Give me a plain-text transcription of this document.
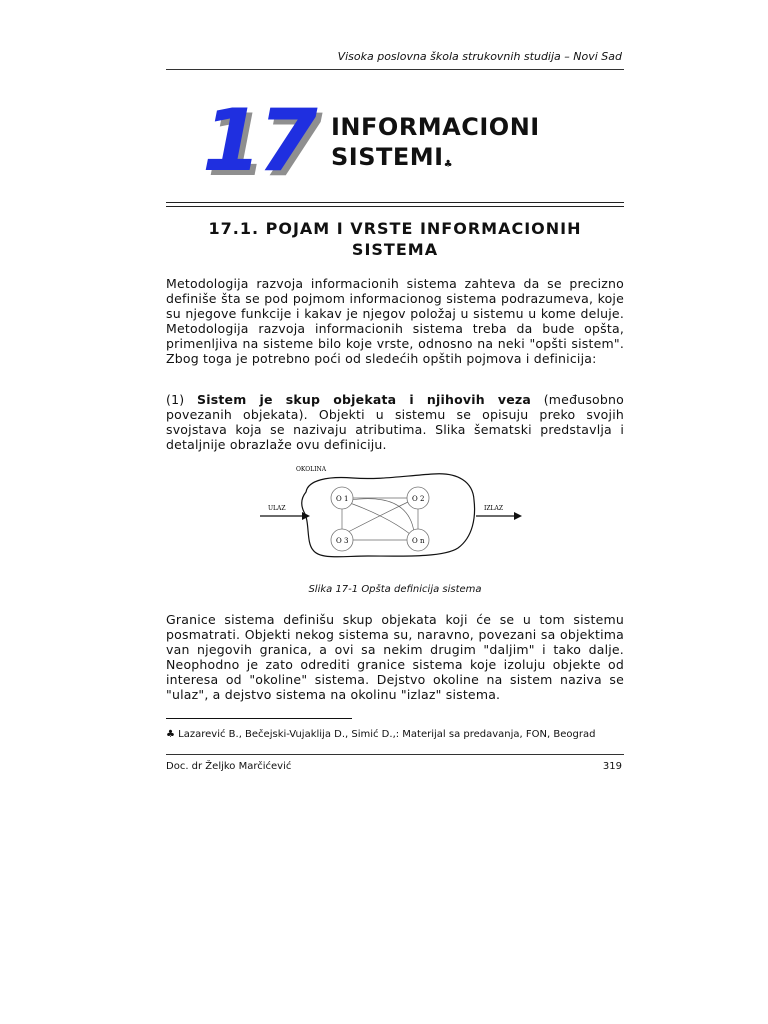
Visoka poslovna škola strukovnih studija – Novi Sad
17 INFORMACIONI
SISTEMI♣
17.1. POJAM I VRSTE INFORMACIONIH SISTEMA
Metodologija razvoja informacionih sistema zahteva da se precizno definiše šta se pod pojmom informacionog sistema podrazumeva, koje su njegove funkcije i kakav je njegov položaj u sistemu u kome deluje. Metodologija razvoja informacionih sistema treba da bude opšta, primenljiva na sisteme bilo koje vrste, odnosno na neki "opšti sistem". Zbog toga je potrebno poći od sledećih opštih pojmova i definicija:
(1) Sistem je skup objekata i njihovih veza (međusobno povezanih objekata). Objekti u sistemu se opisuju preko svojih svojstava koja se nazivaju atributima. Slika šematski predstavlja i detaljnije obrazlaže ovu definiciju.
OKOLINA
O 1	O 2
O 3	O n
ULAZ	IZLAZ
Slika 17-1 Opšta definicija sistema
Granice sistema definišu skup objekata koji će se u tom sistemu posmatrati. Objekti nekog sistema su, naravno, povezani sa objektima van njegovih granica, a ovi sa nekim drugim "daljim" i tako dalje. Neophodno je zato odrediti granice sistema koje izoluju objekte od interesa od "okoline" sistema. Dejstvo okoline na sistem naziva se "ulaz", a dejstvo sistema na okolinu "izlaz" sistema.
♣ Lazarević B., Bečejski-Vujaklija D., Simić D.,: Materijal sa predavanja, FON, Beograd
Doc. dr Željko Marčićević	319
